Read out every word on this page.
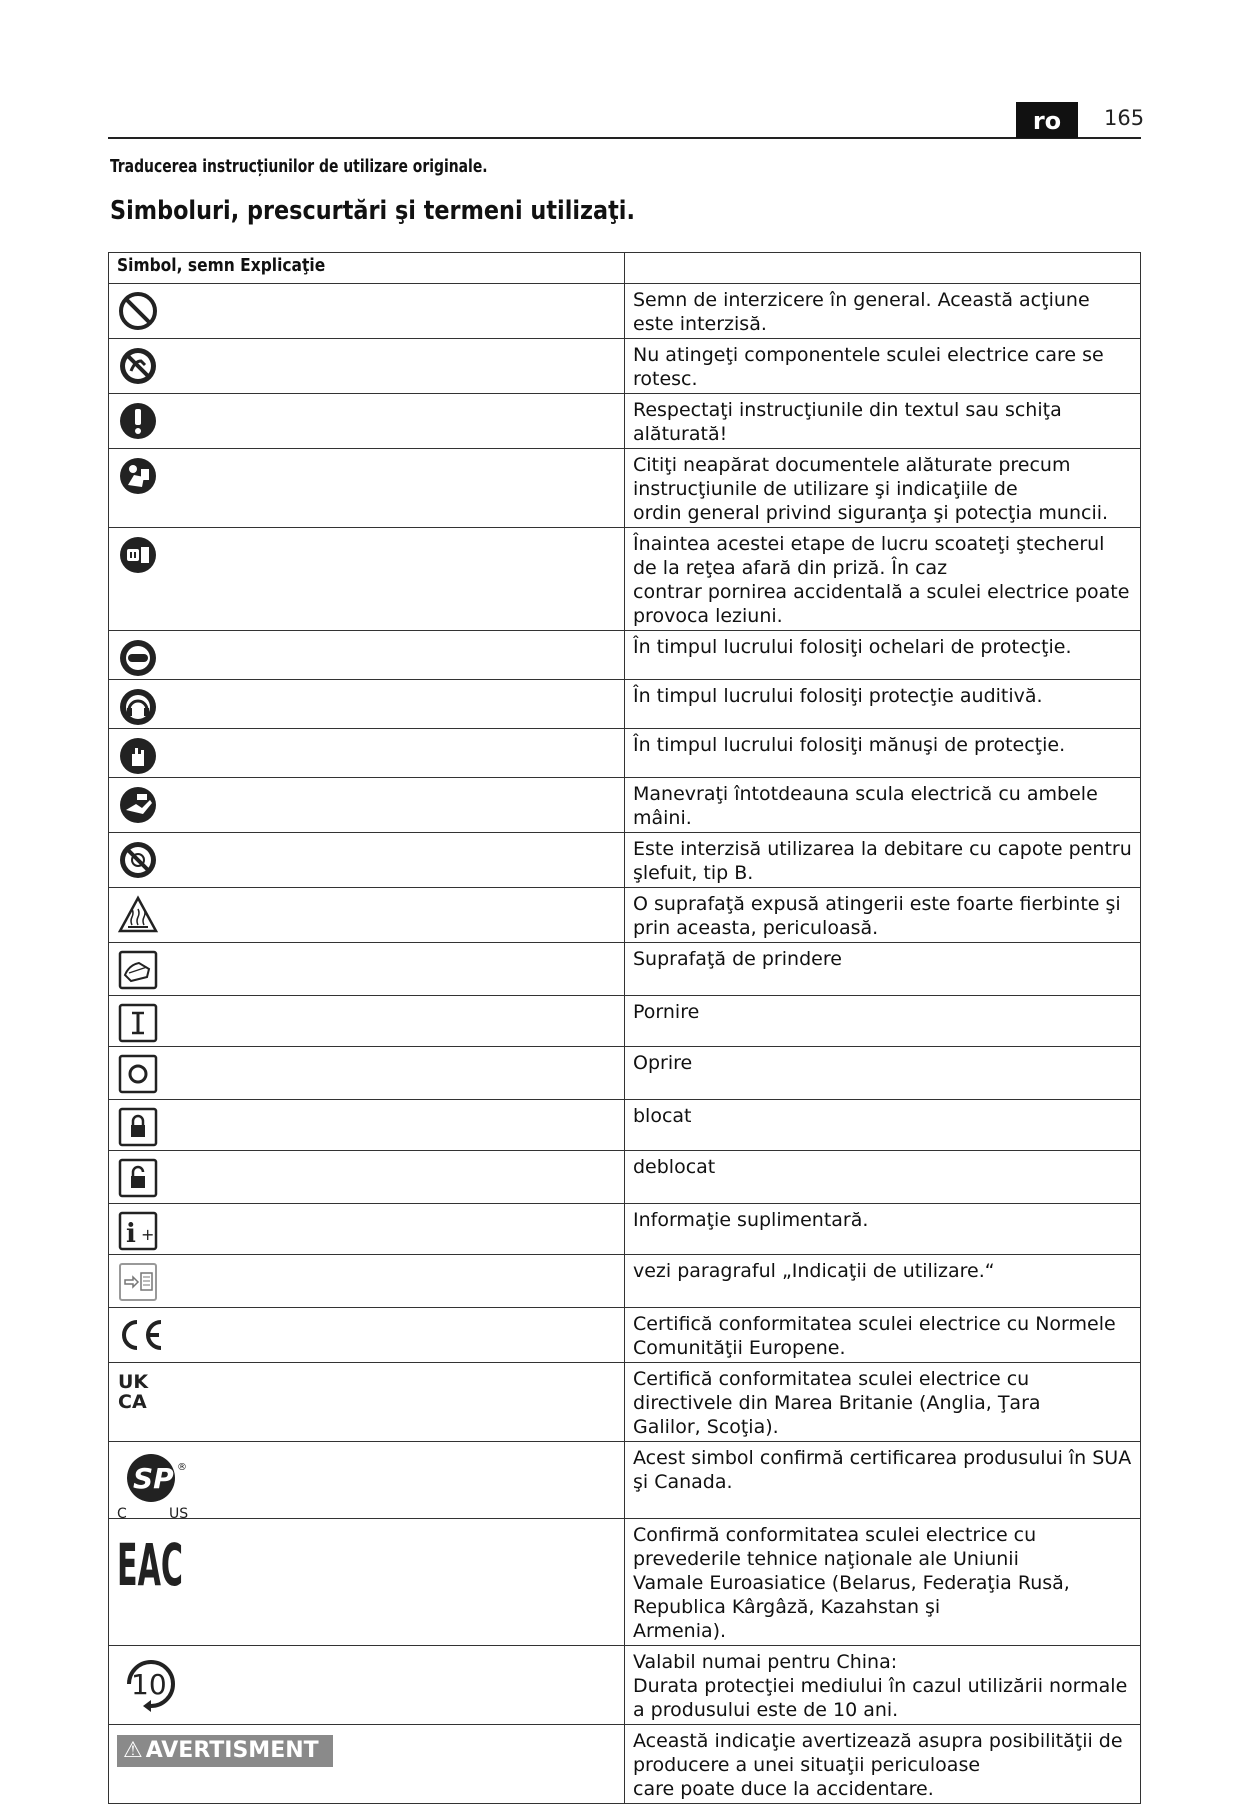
ro	165
Traducerea instrucțiunilor de utilizare originale.
Simboluri, prescurtări şi termeni utilizaţi.
Simbol, semn Explicaţie	

Semn de interzicere în general. Această acţiune este interzisă.

Nu atingeţi componentele sculei electrice care se rotesc.

Respectaţi instrucţiunile din textul sau schiţa alăturată!

Citiţi neapărat documentele alăturate precum instrucţiunile de utilizare şi indicaţiile de
ordin general privind siguranţa şi potecţia muncii.

Înaintea acestei etape de lucru scoateţi ştecherul de la reţea afară din priză. În caz
contrar pornirea accidentală a sculei electrice poate provoca leziuni.

În timpul lucrului folosiţi ochelari de protecţie.

În timpul lucrului folosiţi protecţie auditivă.

În timpul lucrului folosiţi mănuşi de protecţie.

Manevraţi întotdeauna scula electrică cu ambele mâini.

Este interzisă utilizarea la debitare cu capote pentru şlefuit, tip B.

O suprafaţă expusă atingerii este foarte fierbinte şi prin aceasta, periculoasă.

Suprafaţă de prindere

Pornire

Oprire

blocat

deblocat

i +	Informaţie suplimentară.

vezi paragraful „Indicaţii de utilizare.“

Certifică conformitatea sculei electrice cu Normele Comunităţii Europene.

UK
CA	Certifică conformitatea sculei electrice cu directivele din Marea Britanie (Anglia, Ţara
Galilor, Scoţia).

SP ®
C US	Acest simbol confirmă certificarea produsului în SUA şi Canada.

EAC	Confirmă conformitatea sculei electrice cu prevederile tehnice naţionale ale Uniunii
Vamale Euroasiatice (Belarus, Federaţia Rusă, Republica Kârgâză, Kazahstan şi
Armenia).

10	Valabil numai pentru China:
Durata protecţiei mediului în cazul utilizării normale a produsului este de 10 ani.

⚠ AVERTISMENT	Această indicaţie avertizează asupra posibilităţii de producere a unei situaţii periculoase
care poate duce la accidentare.
